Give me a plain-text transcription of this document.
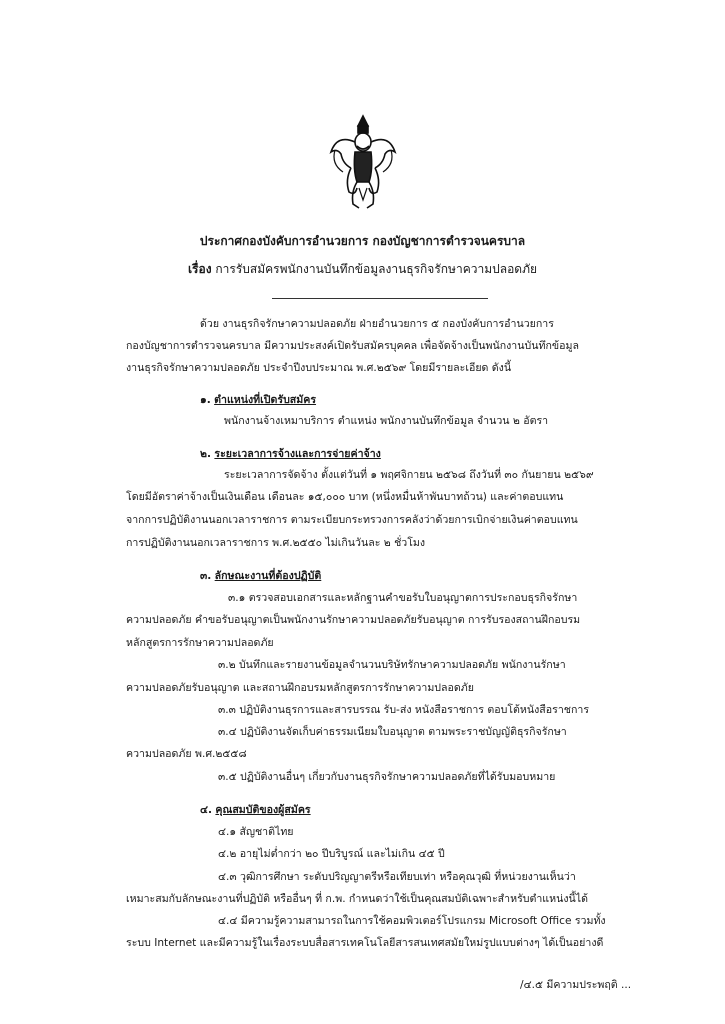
ประกาศกองบังคับการอำนวยการ กองบัญชาการตำรวจนครบาล
เรื่อง การรับสมัครพนักงานบันทึกข้อมูลงานธุรกิจรักษาความปลอดภัย
ด้วย งานธุรกิจรักษาความปลอดภัย ฝ่ายอำนวยการ ๕ กองบังคับการอำนวยการ
กองบัญชาการตำรวจนครบาล มีความประสงค์เปิดรับสมัครบุคคล เพื่อจัดจ้างเป็นพนักงานบันทึกข้อมูล
งานธุรกิจรักษาความปลอดภัย ประจำปีงบประมาณ พ.ศ.๒๕๖๙ โดยมีรายละเอียด ดังนี้
๑. ตำแหน่งที่เปิดรับสมัคร
พนักงานจ้างเหมาบริการ ตำแหน่ง พนักงานบันทึกข้อมูล จำนวน ๒ อัตรา
๒. ระยะเวลาการจ้างและการจ่ายค่าจ้าง
ระยะเวลาการจัดจ้าง ตั้งแต่วันที่ ๑ พฤศจิกายน ๒๕๖๘ ถึงวันที่ ๓๐ กันยายน ๒๕๖๙
โดยมีอัตราค่าจ้างเป็นเงินเดือน เดือนละ ๑๕,๐๐๐ บาท (หนึ่งหมื่นห้าพันบาทถ้วน) และค่าตอบแทน
จากการปฏิบัติงานนอกเวลาราชการ ตามระเบียบกระทรวงการคลังว่าด้วยการเบิกจ่ายเงินค่าตอบแทน
การปฏิบัติงานนอกเวลาราชการ พ.ศ.๒๕๕๐ ไม่เกินวันละ ๒ ชั่วโมง
๓. ลักษณะงานที่ต้องปฏิบัติ
๓.๑ ตรวจสอบเอกสารและหลักฐานคำขอรับใบอนุญาตการประกอบธุรกิจรักษา
ความปลอดภัย คำขอรับอนุญาตเป็นพนักงานรักษาความปลอดภัยรับอนุญาต การรับรองสถานฝึกอบรม
หลักสูตรการรักษาความปลอดภัย
๓.๒ บันทึกและรายงานข้อมูลจำนวนบริษัทรักษาความปลอดภัย พนักงานรักษา
ความปลอดภัยรับอนุญาต และสถานฝึกอบรมหลักสูตรการรักษาความปลอดภัย
๓.๓ ปฏิบัติงานธุรการและสารบรรณ รับ-ส่ง หนังสือราชการ ตอบโต้หนังสือราชการ
๓.๔ ปฏิบัติงานจัดเก็บค่าธรรมเนียมใบอนุญาต ตามพระราชบัญญัติธุรกิจรักษา
ความปลอดภัย พ.ศ.๒๕๕๘
๓.๕ ปฏิบัติงานอื่นๆ เกี่ยวกับงานธุรกิจรักษาความปลอดภัยที่ได้รับมอบหมาย
๔. คุณสมบัติของผู้สมัคร
๔.๑ สัญชาติไทย
๔.๒ อายุไม่ต่ำกว่า ๒๐ ปีบริบูรณ์ และไม่เกิน ๔๕ ปี
๔.๓ วุฒิการศึกษา ระดับปริญญาตรีหรือเทียบเท่า หรือคุณวุฒิ ที่หน่วยงานเห็นว่า
เหมาะสมกับลักษณะงานที่ปฏิบัติ หรืออื่นๆ ที่ ก.พ. กำหนดว่าใช้เป็นคุณสมบัติเฉพาะสำหรับตำแหน่งนี้ได้
๔.๔ มีความรู้ความสามารถในการใช้คอมพิวเตอร์โปรแกรม Microsoft Office รวมทั้ง
ระบบ Internet และมีความรู้ในเรื่องระบบสื่อสารเทคโนโลยีสารสนเทศสมัยใหม่รูปแบบต่างๆ ได้เป็นอย่างดี
/๔.๕ มีความประพฤติ ...
